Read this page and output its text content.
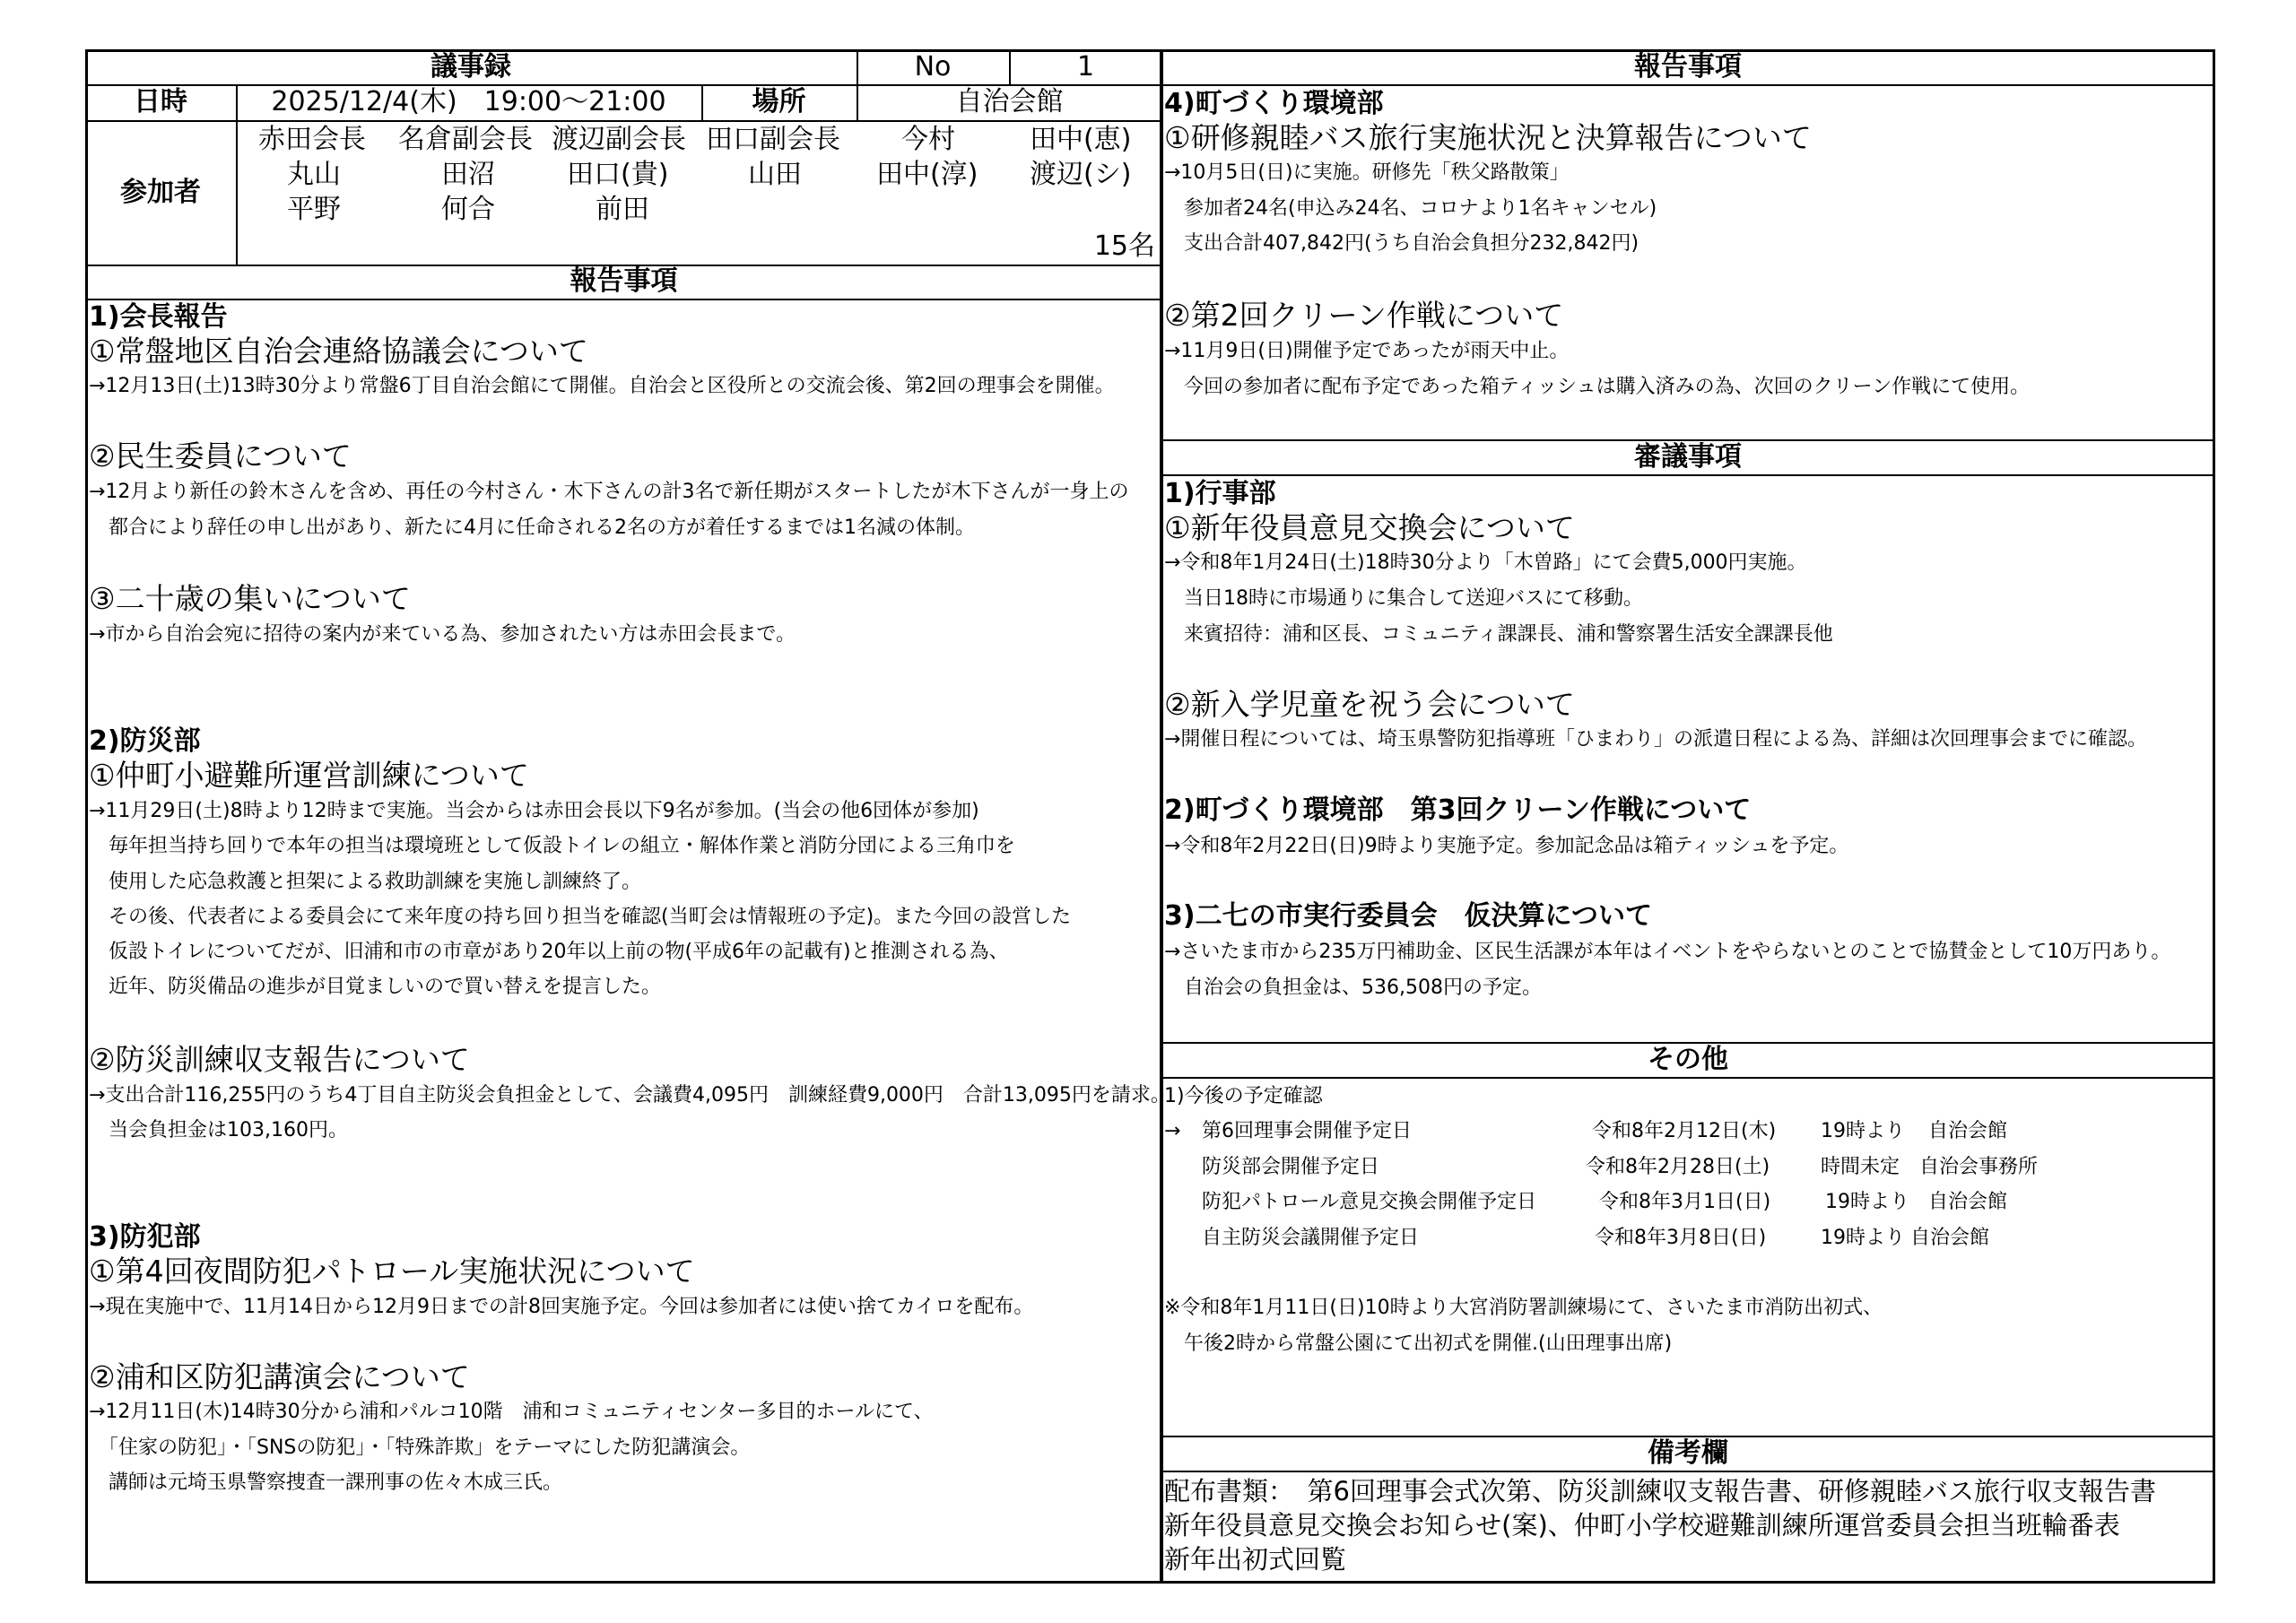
議事録	No	1
日時	2025/12/4(木)　19:00〜21:00	場所	自治会館
参加者
赤田会長 名倉副会長 渡辺副会長 田口副会長 今村	田中(恵)
丸山	田沼	田口(貴)	山田	田中(淳) 渡辺(シ)
平野	何合	前田
15名
報告事項
1)会長報告
①常盤地区自治会連絡協議会について
→12月13日(土)13時30分より常盤6丁目自治会館にて開催。自治会と区役所との交流会後、第2回の理事会を開催。
②民生委員について
→12月より新任の鈴木さんを含め、再任の今村さん・木下さんの計3名で新任期がスタートしたが木下さんが一身上の
　都合により辞任の申し出があり、新たに4月に任命される2名の方が着任するまでは1名減の体制。
③二十歳の集いについて
→市から自治会宛に招待の案内が来ている為、参加されたい方は赤田会長まで。
2)防災部
①仲町小避難所運営訓練について
→11月29日(土)8時より12時まで実施。当会からは赤田会長以下9名が参加。(当会の他6団体が参加)
　毎年担当持ち回りで本年の担当は環境班として仮設トイレの組立・解体作業と消防分団による三角巾を
　使用した応急救護と担架による救助訓練を実施し訓練終了。
　その後、代表者による委員会にて来年度の持ち回り担当を確認(当町会は情報班の予定)。また今回の設営した
　仮設トイレについてだが、旧浦和市の市章があり20年以上前の物(平成6年の記載有)と推測される為、
　近年、防災備品の進歩が目覚ましいので買い替えを提言した。
②防災訓練収支報告について
→支出合計116,255円のうち4丁目自主防災会負担金として、会議費4,095円　訓練経費9,000円　合計13,095円を請求。
　当会負担金は103,160円。
3)防犯部
①第4回夜間防犯パトロール実施状況について
→現在実施中で、11月14日から12月9日までの計8回実施予定。今回は参加者には使い捨てカイロを配布。
②浦和区防犯講演会について
→12月11日(木)14時30分から浦和パルコ10階　浦和コミュニティセンター多目的ホールにて、
　「住家の防犯」・「SNSの防犯」・「特殊詐欺」をテーマにした防犯講演会。
　講師は元埼玉県警察捜査一課刑事の佐々木成三氏。
報告事項
4)町づくり環境部
①研修親睦バス旅行実施状況と決算報告について
→10月5日(日)に実施。研修先「秩父路散策」
　参加者24名(申込み24名、コロナより1名キャンセル)
　支出合計407,842円(うち自治会負担分232,842円)
②第2回クリーン作戦について
→11月9日(日)開催予定であったが雨天中止。
　今回の参加者に配布予定であった箱ティッシュは購入済みの為、次回のクリーン作戦にて使用。
審議事項
1)行事部
①新年役員意見交換会について
→令和8年1月24日(土)18時30分より「木曽路」にて会費5,000円実施。
　当日18時に市場通りに集合して送迎バスにて移動。
　来賓招待：浦和区長、コミュニティ課課長、浦和警察署生活安全課課長他
②新入学児童を祝う会について
→開催日程については、埼玉県警防犯指導班「ひまわり」の派遣日程による為、詳細は次回理事会までに確認。
2)町づくり環境部　第3回クリーン作戦について
→令和8年2月22日(日)9時より実施予定。参加記念品は箱ティッシュを予定。
3)二七の市実行委員会　仮決算について
→さいたま市から235万円補助金、区民生活課が本年はイベントをやらないとのことで協賛金として10万円あり。
　自治会の負担金は、536,508円の予定。
その他
1)今後の予定確認
→ 第6回理事会開催予定日	令和8年2月12日(木) 19時より 自治会館
防災部会開催予定日	令和8年2月28日(土)	時間未定 自治会事務所
防犯パトロール意見交換会開催予定日	令和8年3月1日(日)	19時より 自治会館
自主防災会議開催予定日	令和8年3月8日(日)	19時より 自治会館
※令和8年1月11日(日)10時より大宮消防署訓練場にて、さいたま市消防出初式、
　午後2時から常盤公園にて出初式を開催.(山田理事出席)
備考欄
配布書類：　第6回理事会式次第、防災訓練収支報告書、研修親睦バス旅行収支報告書
新年役員意見交換会お知らせ(案)、仲町小学校避難訓練所運営委員会担当班輪番表
新年出初式回覧
